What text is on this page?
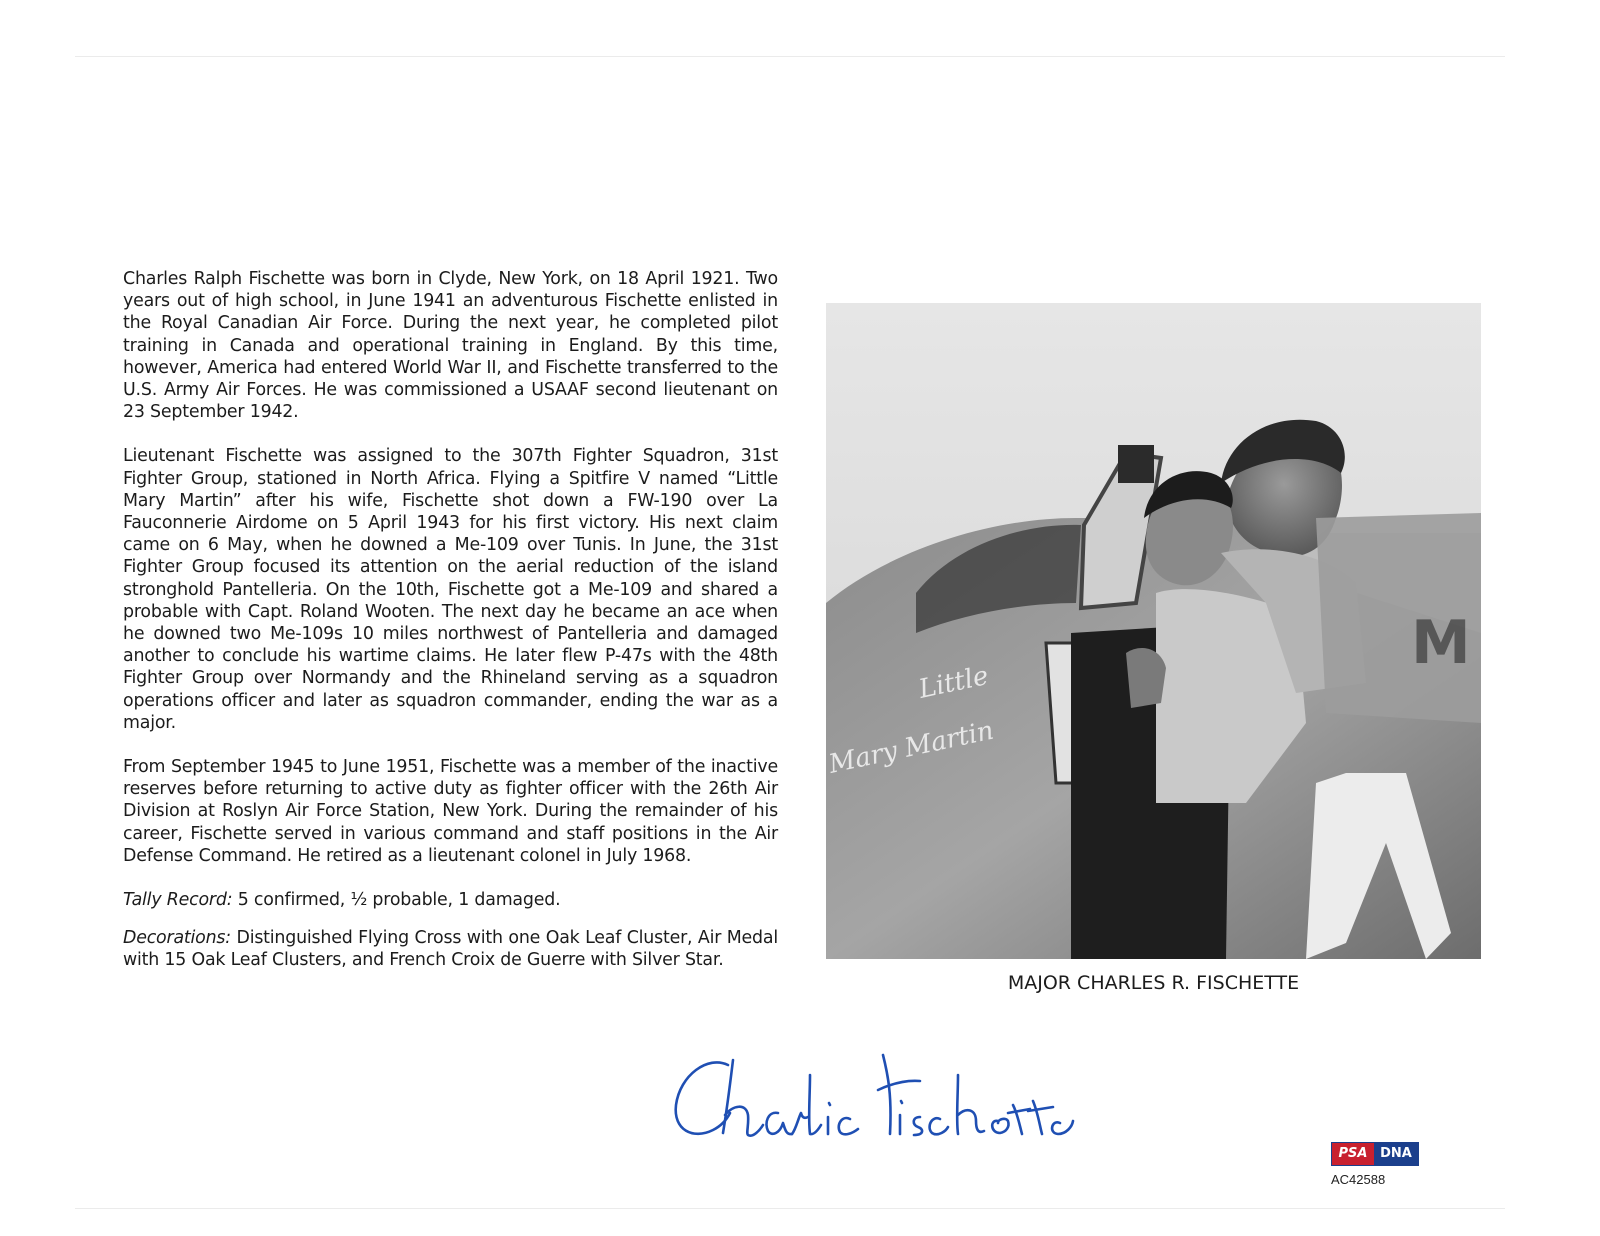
Charles Ralph Fischette was born in Clyde, New York, on 18 April 1921. Two years out of high school, in June 1941 an adventurous Fischette enlisted in the Royal Canadian Air Force. During the next year, he completed pilot training in Canada and operational training in England. By this time, however, America had entered World War II, and Fischette transferred to the U.S. Army Air Forces. He was commissioned a USAAF second lieutenant on 23 September 1942.

Lieutenant Fischette was assigned to the 307th Fighter Squadron, 31st Fighter Group, stationed in North Africa. Flying a Spitfire V named “Little Mary Martin” after his wife, Fischette shot down a FW-190 over La Fauconnerie Airdome on 5 April 1943 for his first victory. His next claim came on 6 May, when he downed a Me-109 over Tunis. In June, the 31st Fighter Group focused its attention on the aerial reduction of the island stronghold Pantelleria. On the 10th, Fischette got a Me-109 and shared a probable with Capt. Roland Wooten. The next day he became an ace when he downed two Me-109s 10 miles northwest of Pantelleria and damaged another to conclude his wartime claims. He later flew P-47s with the 48th Fighter Group over Normandy and the Rhineland serving as a squadron operations officer and later as squadron commander, ending the war as a major.

From September 1945 to June 1951, Fischette was a member of the inactive reserves before returning to active duty as fighter officer with the 26th Air Division at Roslyn Air Force Station, New York. During the remainder of his career, Fischette served in various command and staff positions in the Air Defense Command. He retired as a lieutenant colonel in July 1968.

Tally Record: 5 confirmed, ½ probable, 1 damaged.

Decorations: Distinguished Flying Cross with one Oak Leaf Cluster, Air Medal with 15 Oak Leaf Clusters, and French Croix de Guerre with Silver Star.

Little
Mary Martin
M
MAJOR CHARLES R. FISCHETTE
PSA DNA
AC42588
